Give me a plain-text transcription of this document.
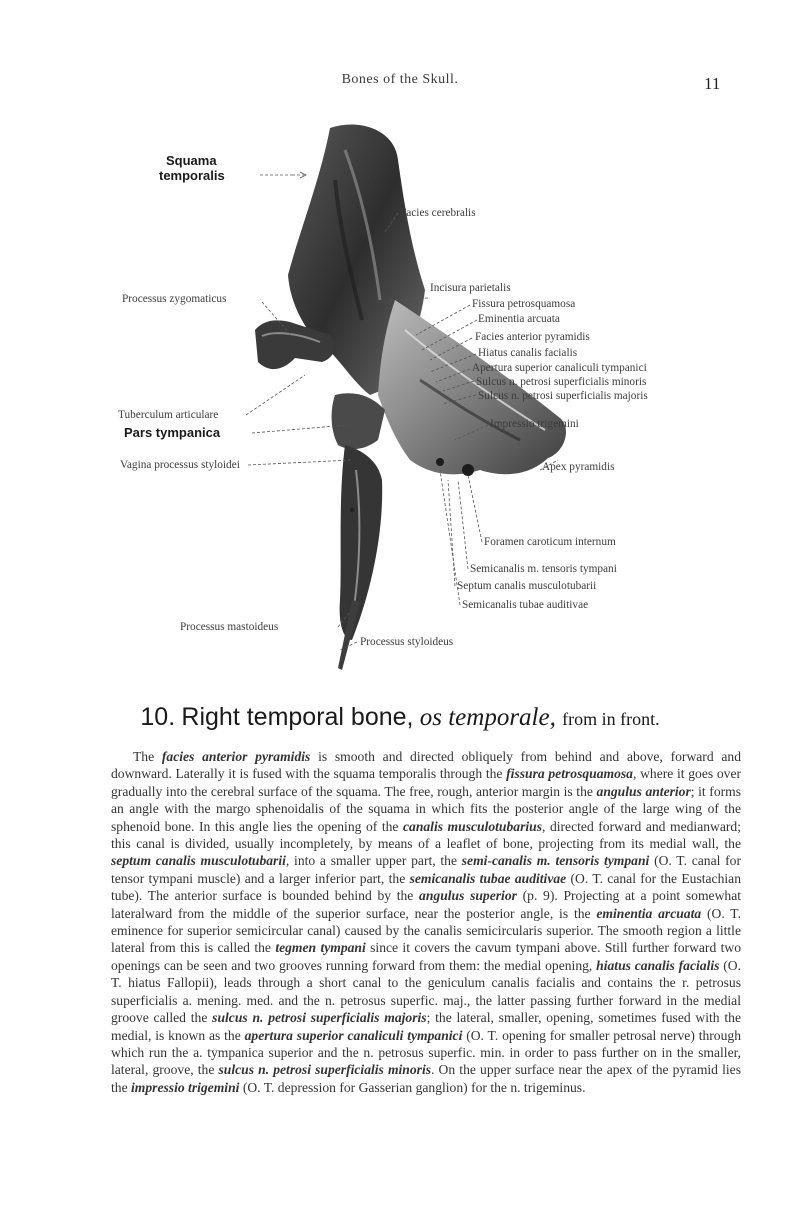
Bones of the Skull.	11
Squama
temporalis
Facies cerebralis
Processus zygomaticus
Incisura parietalis
Fissura petrosquamosa
Eminentia arcuata
Facies anterior pyramidis
Hiatus canalis facialis
Apertura superior canaliculi tympanici
Sulcus n. petrosi superficialis minoris
Sulcus n. petrosi superficialis majoris
Tuberculum articulare
Impressio trigemini
Pars tympanica
Vagina processus styloidei	Apex pyramidis
Foramen caroticum internum
Semicanalis m. tensoris tympani
Septum canalis musculotubarii
Semicanalis tubae auditivae
Processus mastoideus
Processus styloideus
10. Right temporal bone, os temporale, from in front.

The facies anterior pyramidis is smooth and directed obliquely from behind and above, forward and downward. Laterally it is fused with the squama temporalis through the fissura petrosquamosa, where it goes over gradually into the cerebral surface of the squama. The free, rough, anterior margin is the angulus anterior; it forms an angle with the margo sphenoidalis of the squama in which fits the posterior angle of the large wing of the sphenoid bone. In this angle lies the opening of the canalis musculotubarius, directed forward and medianward; this canal is divided, usually incompletely, by means of a leaflet of bone, projecting from its medial wall, the septum canalis musculotubarii, into a smaller upper part, the semi-canalis m. tensoris tympani (O. T. canal for tensor tympani muscle) and a larger inferior part, the semicanalis tubae auditivae (O. T. canal for the Eustachian tube). The anterior surface is bounded behind by the angulus superior (p. 9). Projecting at a point somewhat lateralward from the middle of the superior surface, near the posterior angle, is the eminentia arcuata (O. T. eminence for superior semicircular canal) caused by the canalis semicircularis superior. The smooth region a little lateral from this is called the tegmen tympani since it covers the cavum tympani above. Still further forward two openings can be seen and two grooves running forward from them: the medial opening, hiatus canalis facialis (O. T. hiatus Fallopii), leads through a short canal to the geniculum canalis facialis and contains the r. petrosus superficialis a. mening. med. and the n. petrosus superfic. maj., the latter passing further forward in the medial groove called the sulcus n. petrosi superficialis majoris; the lateral, smaller, opening, sometimes fused with the medial, is known as the apertura superior canaliculi tympanici (O. T. opening for smaller petrosal nerve) through which run the a. tympanica superior and the n. petrosus superfic. min. in order to pass further on in the smaller, lateral, groove, the sulcus n. petrosi superficialis minoris. On the upper surface near the apex of the pyramid lies the impressio trigemini (O. T. depression for Gasserian ganglion) for the n. trigeminus.
